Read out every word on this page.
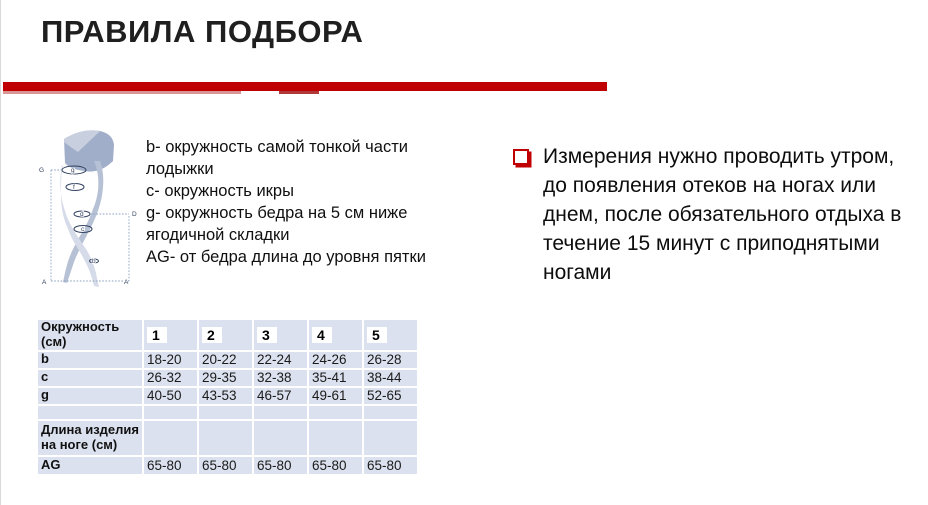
ПРАВИЛА ПОДБОРА
G
D
A	A
g
f
d
c
b
b- окружность самой тонкой части лодыжки
c- окружность икры
g- окружность бедра на 5 см ниже ягодичной складки
AG- от бедра длина до уровня пятки
Измерения нужно проводить утром, до появления отеков на ногах или днем, после обязательного отдыха в течение 15 минут с приподнятыми ногами
Окружность (см)	1	2	3	4	5
b	18-20	20-22	22-24	24-26	26-28
c	26-32	29-35	32-38	35-41	38-44
g	40-50	43-53	46-57	49-61	52-65

Длина изделия на ноге (см)					
AG	65-80	65-80	65-80	65-80	65-80
